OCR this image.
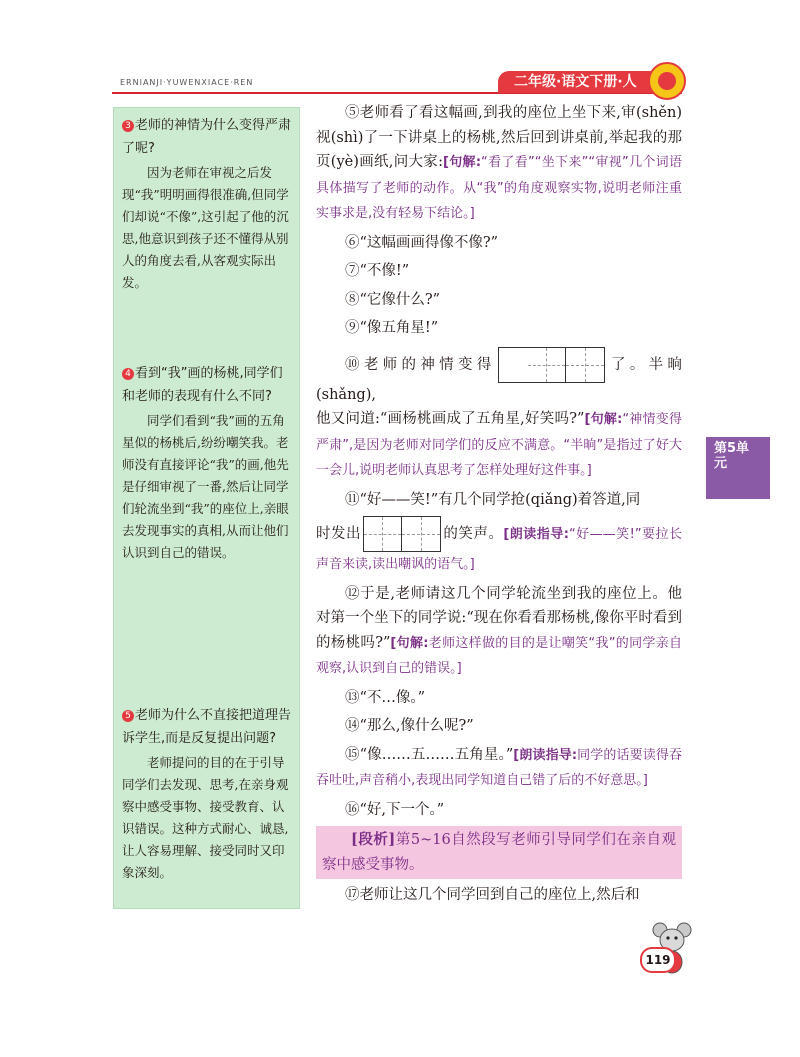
ERNIANJI·YUWENXIACE·REN	二年级·语文下册·人
3 老师的神情为什么变得严肃了呢?
因为老师在审视之后发现“我”明明画得很准确,但同学们却说“不像”,这引起了他的沉思,他意识到孩子还不懂得从别人的角度去看,从客观实际出发。
4 看到“我”画的杨桃,同学们和老师的表现有什么不同?
同学们看到“我”画的五角星似的杨桃后,纷纷嘲笑我。老师没有直接评论“我”的画,他先是仔细审视了一番,然后让同学们轮流坐到“我”的座位上,亲眼去发现事实的真相,从而让他们认识到自己的错误。
5 老师为什么不直接把道理告诉学生,而是反复提出问题?
老师提问的目的在于引导同学们去发现、思考,在亲身观察中感受事物、接受教育、认识错误。这种方式耐心、诚恳,让人容易理解、接受同时又印象深刻。
⑤老师看了看这幅画,到我的座位上坐下来,审(shěn)视(shì)了一下讲桌上的杨桃,然后回到讲桌前,举起我的那页(yè)画纸,问大家:[句解:“看了看”“坐下来”“审视”几个词语具体描写了老师的动作。从“我”的角度观察实物,说明老师注重实事求是,没有轻易下结论。]
⑥“这幅画画得像不像?”
⑦“不像!”
⑧“它像什么?”
⑨“像五角星!”
⑩老师的神情变得	了。半晌(shǎng),
他又问道:“画杨桃画成了五角星,好笑吗?”[句解:“神情变得严肃”,是因为老师对同学们的反应不满意。“半晌”是指过了好大一会儿,说明老师认真思考了怎样处理好这件事。]
⑪“好——笑!”有几个同学抢(qiǎng)着答道,同
时发出	的笑声。[朗读指导:“好——笑!”要拉长声音来读,读出嘲讽的语气。]
⑫于是,老师请这几个同学轮流坐到我的座位上。他对第一个坐下的同学说:“现在你看看那杨桃,像你平时看到的杨桃吗?”[句解:老师这样做的目的是让嘲笑“我”的同学亲自观察,认识到自己的错误。]
⑬“不…像。”
⑭“那么,像什么呢?”
⑮“像……五……五角星。”[朗读指导:同学的话要读得吞吞吐吐,声音稍小,表现出同学知道自己错了后的不好意思。]
⑯“好,下一个。”
[段析]第5~16自然段写老师引导同学们在亲自观察中感受事物。
⑰老师让这几个同学回到自己的座位上,然后和
第5单元
119
